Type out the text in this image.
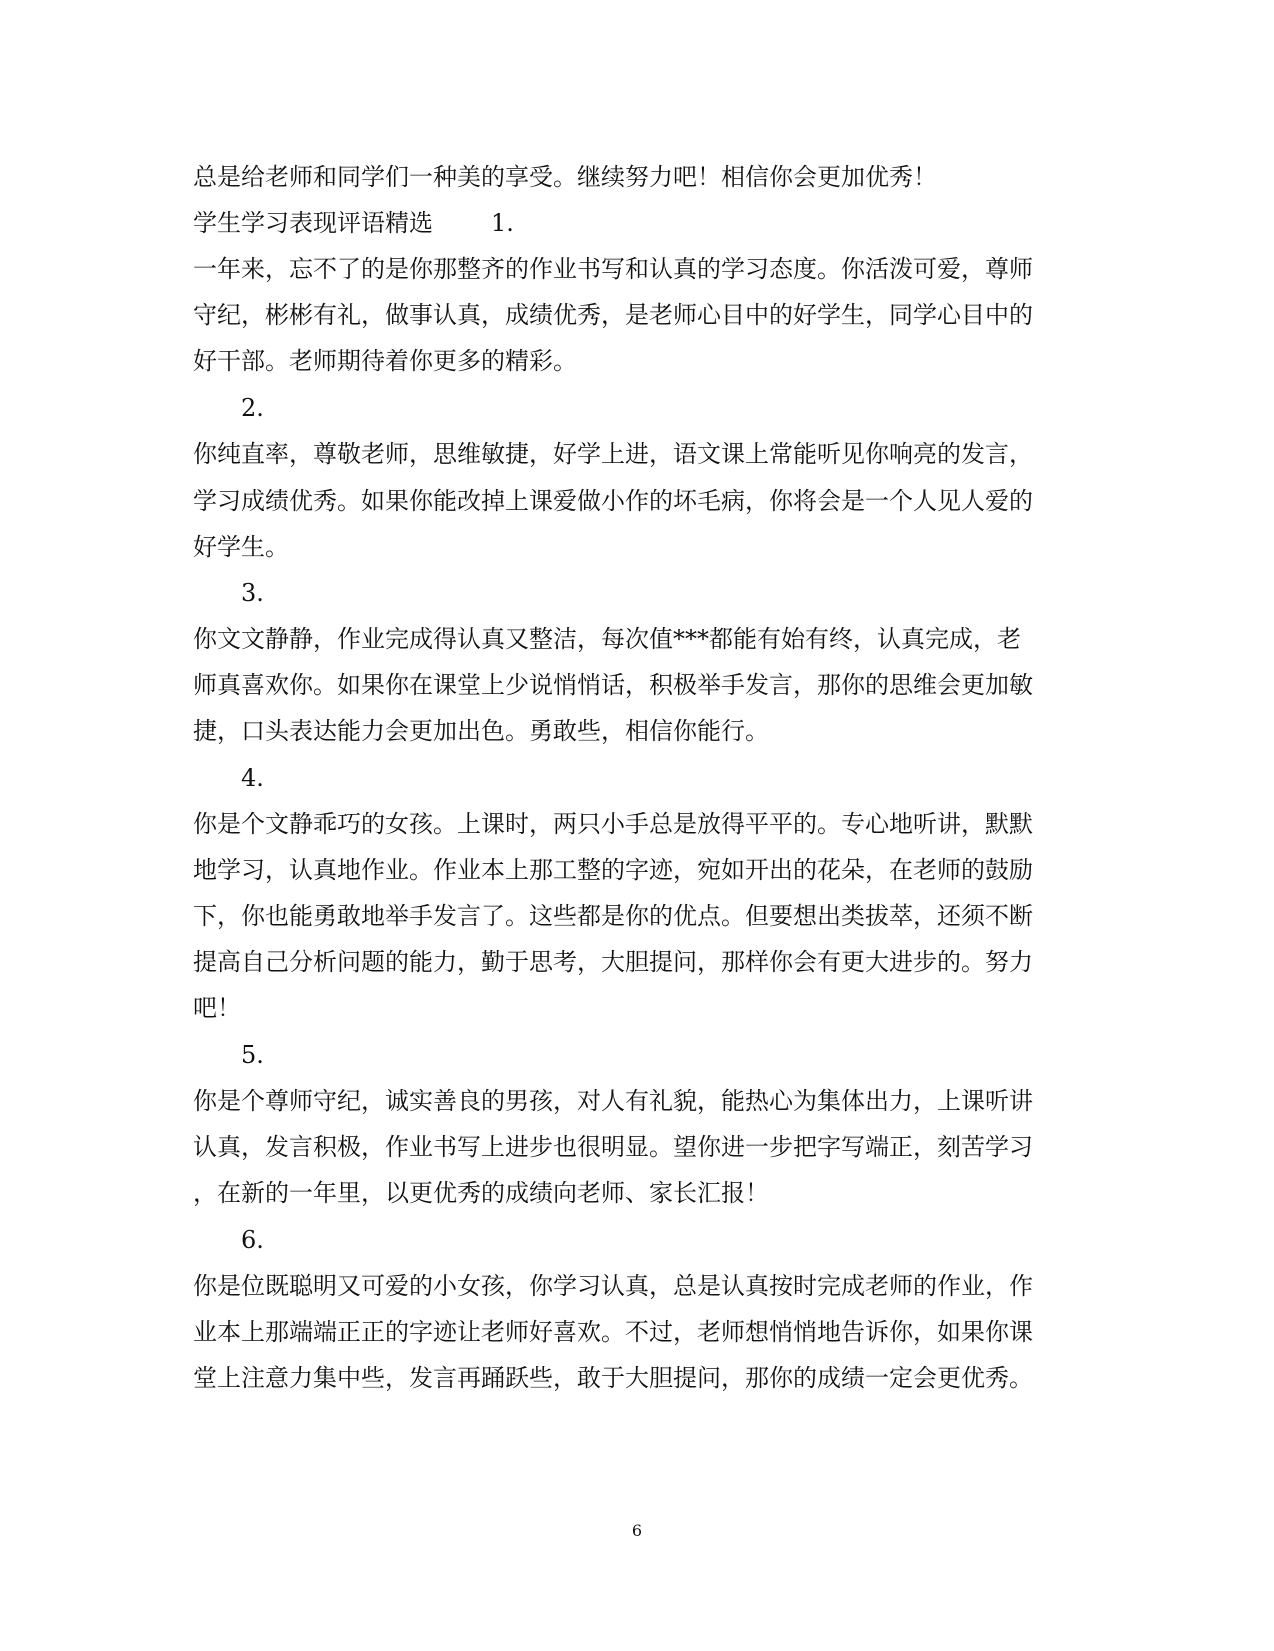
总是给老师和同学们一种美的享受。继续努力吧！相信你会更加优秀！
学生学习表现评语精选	1.
一年来，忘不了的是你那整齐的作业书写和认真的学习态度。你活泼可爱，尊师
守纪，彬彬有礼，做事认真，成绩优秀，是老师心目中的好学生，同学心目中的
好干部。老师期待着你更多的精彩。
2.
你纯直率，尊敬老师，思维敏捷，好学上进，语文课上常能听见你响亮的发言，
学习成绩优秀。如果你能改掉上课爱做小作的坏毛病，你将会是一个人见人爱的
好学生。
3.
你文文静静，作业完成得认真又整洁，每次值***都能有始有终，认真完成，老
师真喜欢你。如果你在课堂上少说悄悄话，积极举手发言，那你的思维会更加敏
捷，口头表达能力会更加出色。勇敢些，相信你能行。
4.
你是个文静乖巧的女孩。上课时，两只小手总是放得平平的。专心地听讲，默默
地学习，认真地作业。作业本上那工整的字迹，宛如开出的花朵，在老师的鼓励
下，你也能勇敢地举手发言了。这些都是你的优点。但要想出类拔萃，还须不断
提高自己分析问题的能力，勤于思考，大胆提问，那样你会有更大进步的。努力
吧！
5.
你是个尊师守纪，诚实善良的男孩，对人有礼貌，能热心为集体出力，上课听讲
认真，发言积极，作业书写上进步也很明显。望你进一步把字写端正，刻苦学习
，在新的一年里，以更优秀的成绩向老师、家长汇报！
6.
你是位既聪明又可爱的小女孩，你学习认真，总是认真按时完成老师的作业，作
业本上那端端正正的字迹让老师好喜欢。不过，老师想悄悄地告诉你，如果你课
堂上注意力集中些，发言再踊跃些，敢于大胆提问，那你的成绩一定会更优秀。
6
